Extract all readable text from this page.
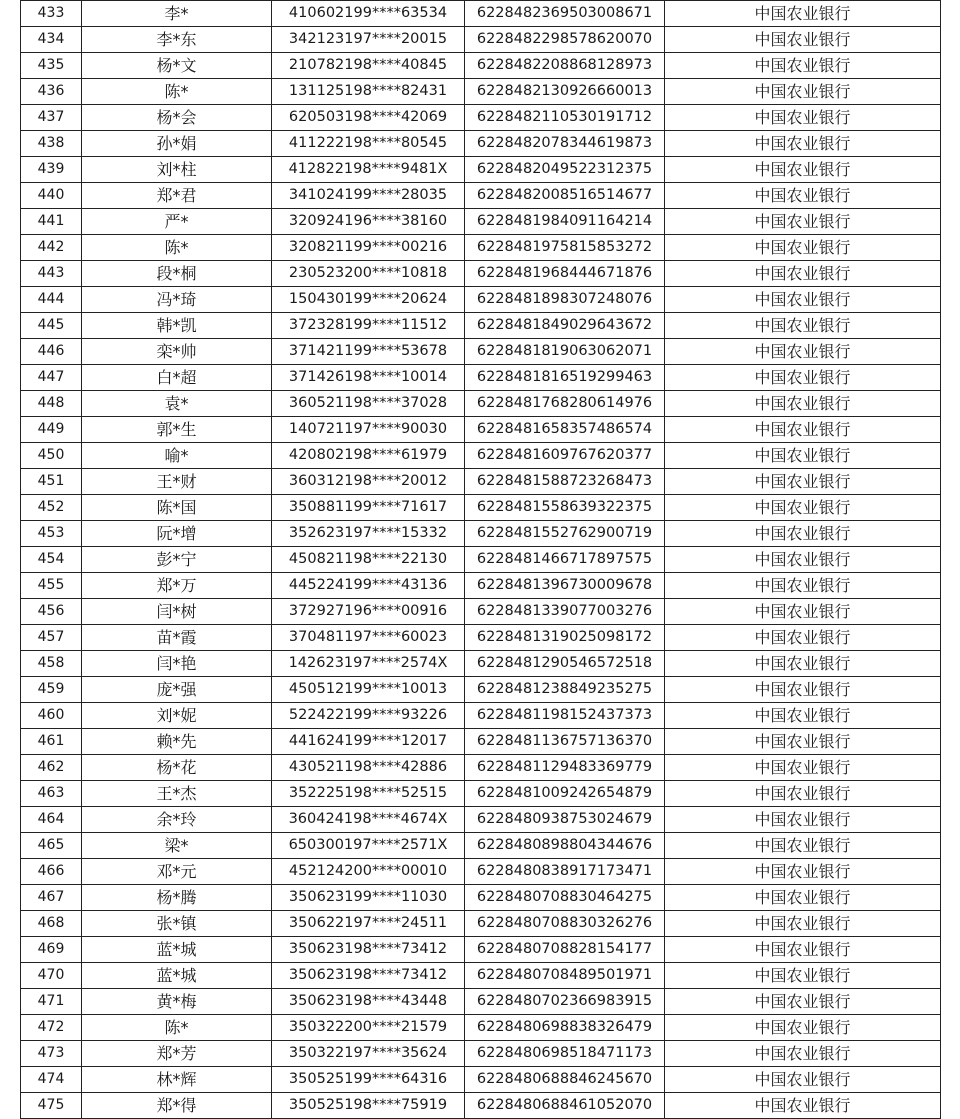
433	李*	410602199****63534	6228482369503008671	中国农业银行
434	李*东	342123197****20015	6228482298578620070	中国农业银行
435	杨*文	210782198****40845	6228482208868128973	中国农业银行
436	陈*	131125198****82431	6228482130926660013	中国农业银行
437	杨*会	620503198****42069	6228482110530191712	中国农业银行
438	孙*娟	411222198****80545	6228482078344619873	中国农业银行
439	刘*柱	412822198****9481X	6228482049522312375	中国农业银行
440	郑*君	341024199****28035	6228482008516514677	中国农业银行
441	严*	320924196****38160	6228481984091164214	中国农业银行
442	陈*	320821199****00216	6228481975815853272	中国农业银行
443	段*桐	230523200****10818	6228481968444671876	中国农业银行
444	冯*琦	150430199****20624	6228481898307248076	中国农业银行
445	韩*凯	372328199****11512	6228481849029643672	中国农业银行
446	栾*帅	371421199****53678	6228481819063062071	中国农业银行
447	白*超	371426198****10014	6228481816519299463	中国农业银行
448	袁*	360521198****37028	6228481768280614976	中国农业银行
449	郭*生	140721197****90030	6228481658357486574	中国农业银行
450	喻*	420802198****61979	6228481609767620377	中国农业银行
451	王*财	360312198****20012	6228481588723268473	中国农业银行
452	陈*国	350881199****71617	6228481558639322375	中国农业银行
453	阮*增	352623197****15332	6228481552762900719	中国农业银行
454	彭*宁	450821198****22130	6228481466717897575	中国农业银行
455	郑*万	445224199****43136	6228481396730009678	中国农业银行
456	闫*树	372927196****00916	6228481339077003276	中国农业银行
457	苗*霞	370481197****60023	6228481319025098172	中国农业银行
458	闫*艳	142623197****2574X	6228481290546572518	中国农业银行
459	庞*强	450512199****10013	6228481238849235275	中国农业银行
460	刘*妮	522422199****93226	6228481198152437373	中国农业银行
461	赖*先	441624199****12017	6228481136757136370	中国农业银行
462	杨*花	430521198****42886	6228481129483369779	中国农业银行
463	王*杰	352225198****52515	6228481009242654879	中国农业银行
464	余*玲	360424198****4674X	6228480938753024679	中国农业银行
465	梁*	650300197****2571X	6228480898804344676	中国农业银行
466	邓*元	452124200****00010	6228480838917173471	中国农业银行
467	杨*腾	350623199****11030	6228480708830464275	中国农业银行
468	张*镇	350622197****24511	6228480708830326276	中国农业银行
469	蓝*城	350623198****73412	6228480708828154177	中国农业银行
470	蓝*城	350623198****73412	6228480708489501971	中国农业银行
471	黄*梅	350623198****43448	6228480702366983915	中国农业银行
472	陈*	350322200****21579	6228480698838326479	中国农业银行
473	郑*芳	350322197****35624	6228480698518471173	中国农业银行
474	林*辉	350525199****64316	6228480688846245670	中国农业银行
475	郑*得	350525198****75919	6228480688461052070	中国农业银行
